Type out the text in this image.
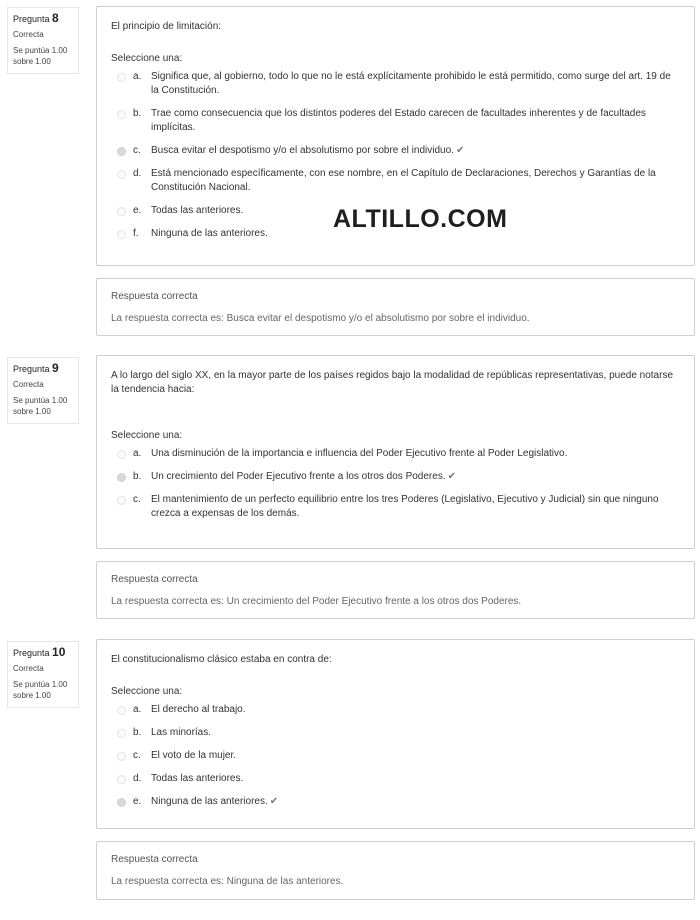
Pregunta 8
Correcta
Se puntúa 1.00 sobre 1.00

El principio de limitación:

Seleccione una:
a. Significa que, al gobierno, todo lo que no le está explícitamente prohibido le está permitido, como surge del art. 19 de la Constitución.
b. Trae como consecuencia que los distintos poderes del Estado carecen de facultades inherentes y de facultades implícitas.
c.	Busca evitar el despotismo y/o el absolutismo por sobre el individuo. ✔
d. Está mencionado específicamente, con ese nombre, en el Capítulo de Declaraciones, Derechos y Garantías de la Constitución Nacional.
e. Todas las anteriores.
f.	Ninguna de las anteriores.
ALTILLO.COM
Respuesta correcta
La respuesta correcta es: Busca evitar el despotismo y/o el absolutismo por sobre el individuo.
Pregunta 9
Correcta
Se puntúa 1.00 sobre 1.00

A lo largo del siglo XX, en la mayor parte de los países regidos bajo la modalidad de repúblicas representativas, puede notarse la tendencia hacia:

Seleccione una:
a. Una disminución de la importancia e influencia del Poder Ejecutivo frente al Poder Legislativo.
b. Un crecimiento del Poder Ejecutivo frente a los otros dos Poderes. ✔
c.	El mantenimiento de un perfecto equilibrio entre los tres Poderes (Legislativo, Ejecutivo y Judicial) sin que ninguno crezca a expensas de los demás.
Respuesta correcta
La respuesta correcta es: Un crecimiento del Poder Ejecutivo frente a los otros dos Poderes.
Pregunta 10
Correcta
Se puntúa 1.00 sobre 1.00

El constitucionalismo clásico estaba en contra de:

Seleccione una:
a. El derecho al trabajo.
b. Las minorías.
c.	El voto de la mujer.
d. Todas las anteriores.
e. Ninguna de las anteriores. ✔
Respuesta correcta
La respuesta correcta es: Ninguna de las anteriores.
